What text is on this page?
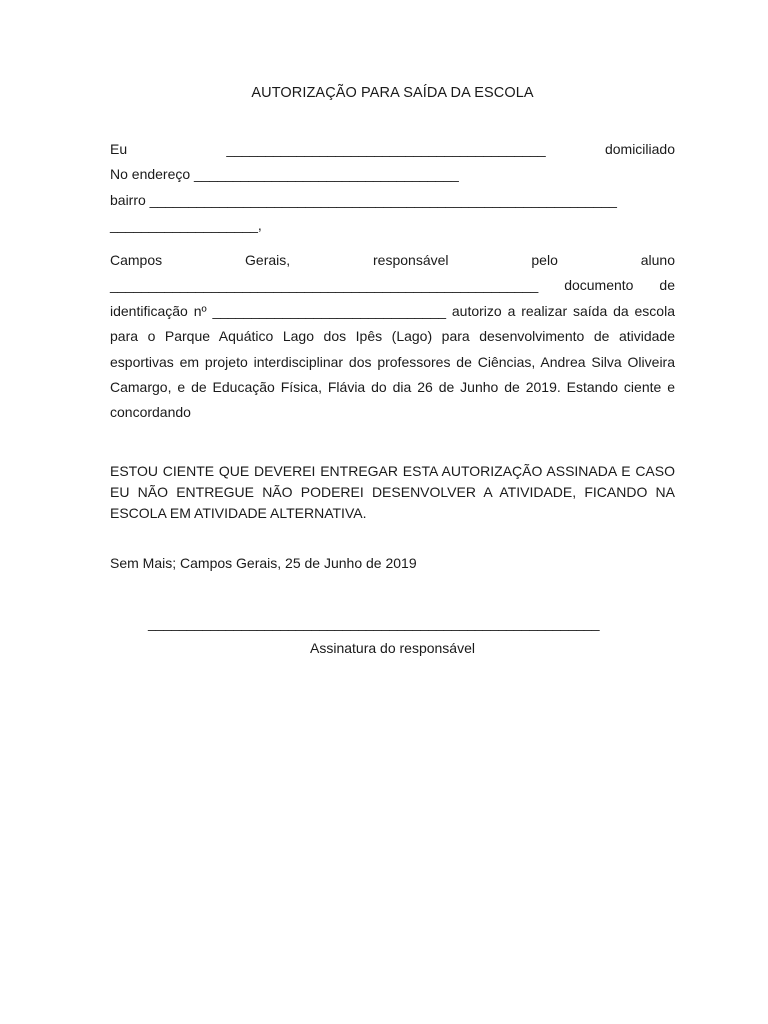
AUTORIZAÇÃO PARA SAÍDA DA ESCOLA
Eu	_________________________________________	domiciliado
No endereço __________________________________
bairro ____________________________________________________________
___________________,
Campos	Gerais,	responsável	pelo	aluno
_______________________________________________________ documento de
identificação nº ______________________________ autorizo a realizar saída da escola para o Parque Aquático Lago dos Ipês (Lago) para desenvolvimento de atividade esportivas em projeto interdisciplinar dos professores de Ciências, Andrea Silva Oliveira Camargo, e de Educação Física, Flávia do dia 26 de Junho de 2019. Estando ciente e concordando
ESTOU CIENTE QUE DEVEREI ENTREGAR ESTA AUTORIZAÇÃO ASSINADA E CASO EU NÃO ENTREGUE NÃO PODEREI DESENVOLVER A ATIVIDADE, FICANDO NA ESCOLA EM ATIVIDADE ALTERNATIVA.
Sem Mais; Campos Gerais, 25 de Junho de 2019
__________________________________________________________
Assinatura do responsável
